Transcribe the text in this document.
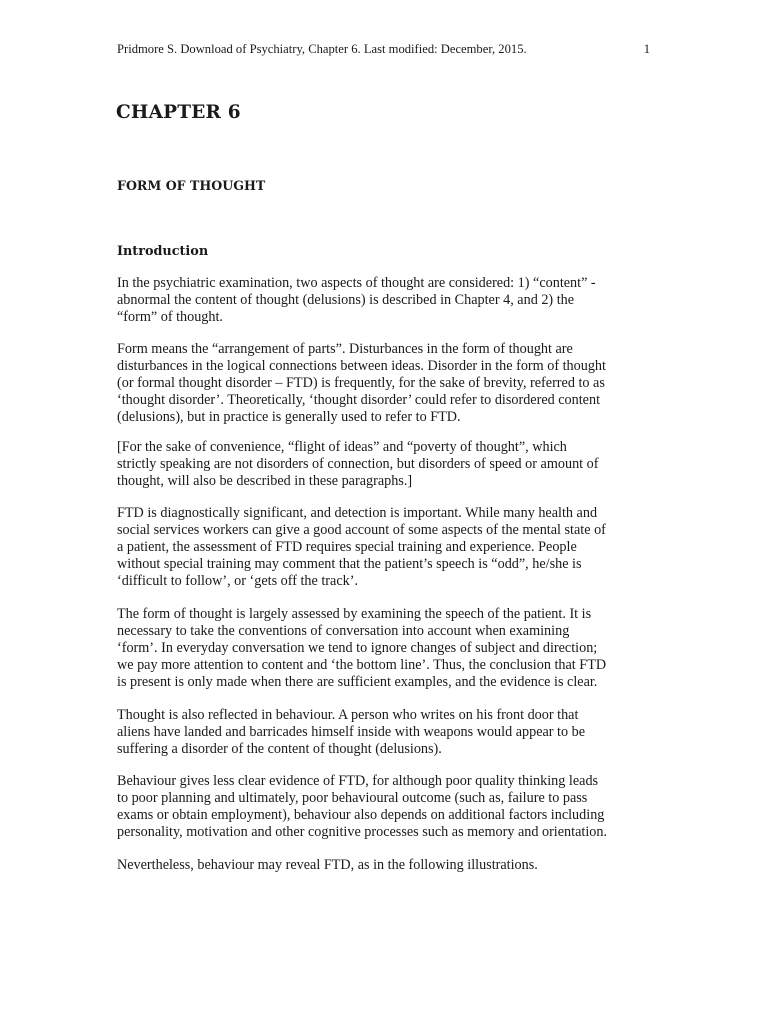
Pridmore S. Download of Psychiatry, Chapter 6. Last modified: December, 2015.	1
CHAPTER 6
FORM OF THOUGHT
Introduction

In the psychiatric examination, two aspects of thought are considered: 1) “content” -
abnormal the content of thought (delusions) is described in Chapter 4, and 2) the
“form” of thought.

Form means the “arrangement of parts”. Disturbances in the form of thought are
disturbances in the logical connections between ideas. Disorder in the form of thought
(or formal thought disorder – FTD) is frequently, for the sake of brevity, referred to as
‘thought disorder’. Theoretically, ‘thought disorder’ could refer to disordered content
(delusions), but in practice is generally used to refer to FTD.

[For the sake of convenience, “flight of ideas” and “poverty of thought”, which
strictly speaking are not disorders of connection, but disorders of speed or amount of
thought, will also be described in these paragraphs.]

FTD is diagnostically significant, and detection is important. While many health and
social services workers can give a good account of some aspects of the mental state of
a patient, the assessment of FTD requires special training and experience. People
without special training may comment that the patient’s speech is “odd”, he/she is
‘difficult to follow’, or ‘gets off the track’.

The form of thought is largely assessed by examining the speech of the patient. It is
necessary to take the conventions of conversation into account when examining
‘form’. In everyday conversation we tend to ignore changes of subject and direction;
we pay more attention to content and ‘the bottom line’. Thus, the conclusion that FTD
is present is only made when there are sufficient examples, and the evidence is clear.

Thought is also reflected in behaviour. A person who writes on his front door that
aliens have landed and barricades himself inside with weapons would appear to be
suffering a disorder of the content of thought (delusions).

Behaviour gives less clear evidence of FTD, for although poor quality thinking leads
to poor planning and ultimately, poor behavioural outcome (such as, failure to pass
exams or obtain employment), behaviour also depends on additional factors including
personality, motivation and other cognitive processes such as memory and orientation.

Nevertheless, behaviour may reveal FTD, as in the following illustrations.
